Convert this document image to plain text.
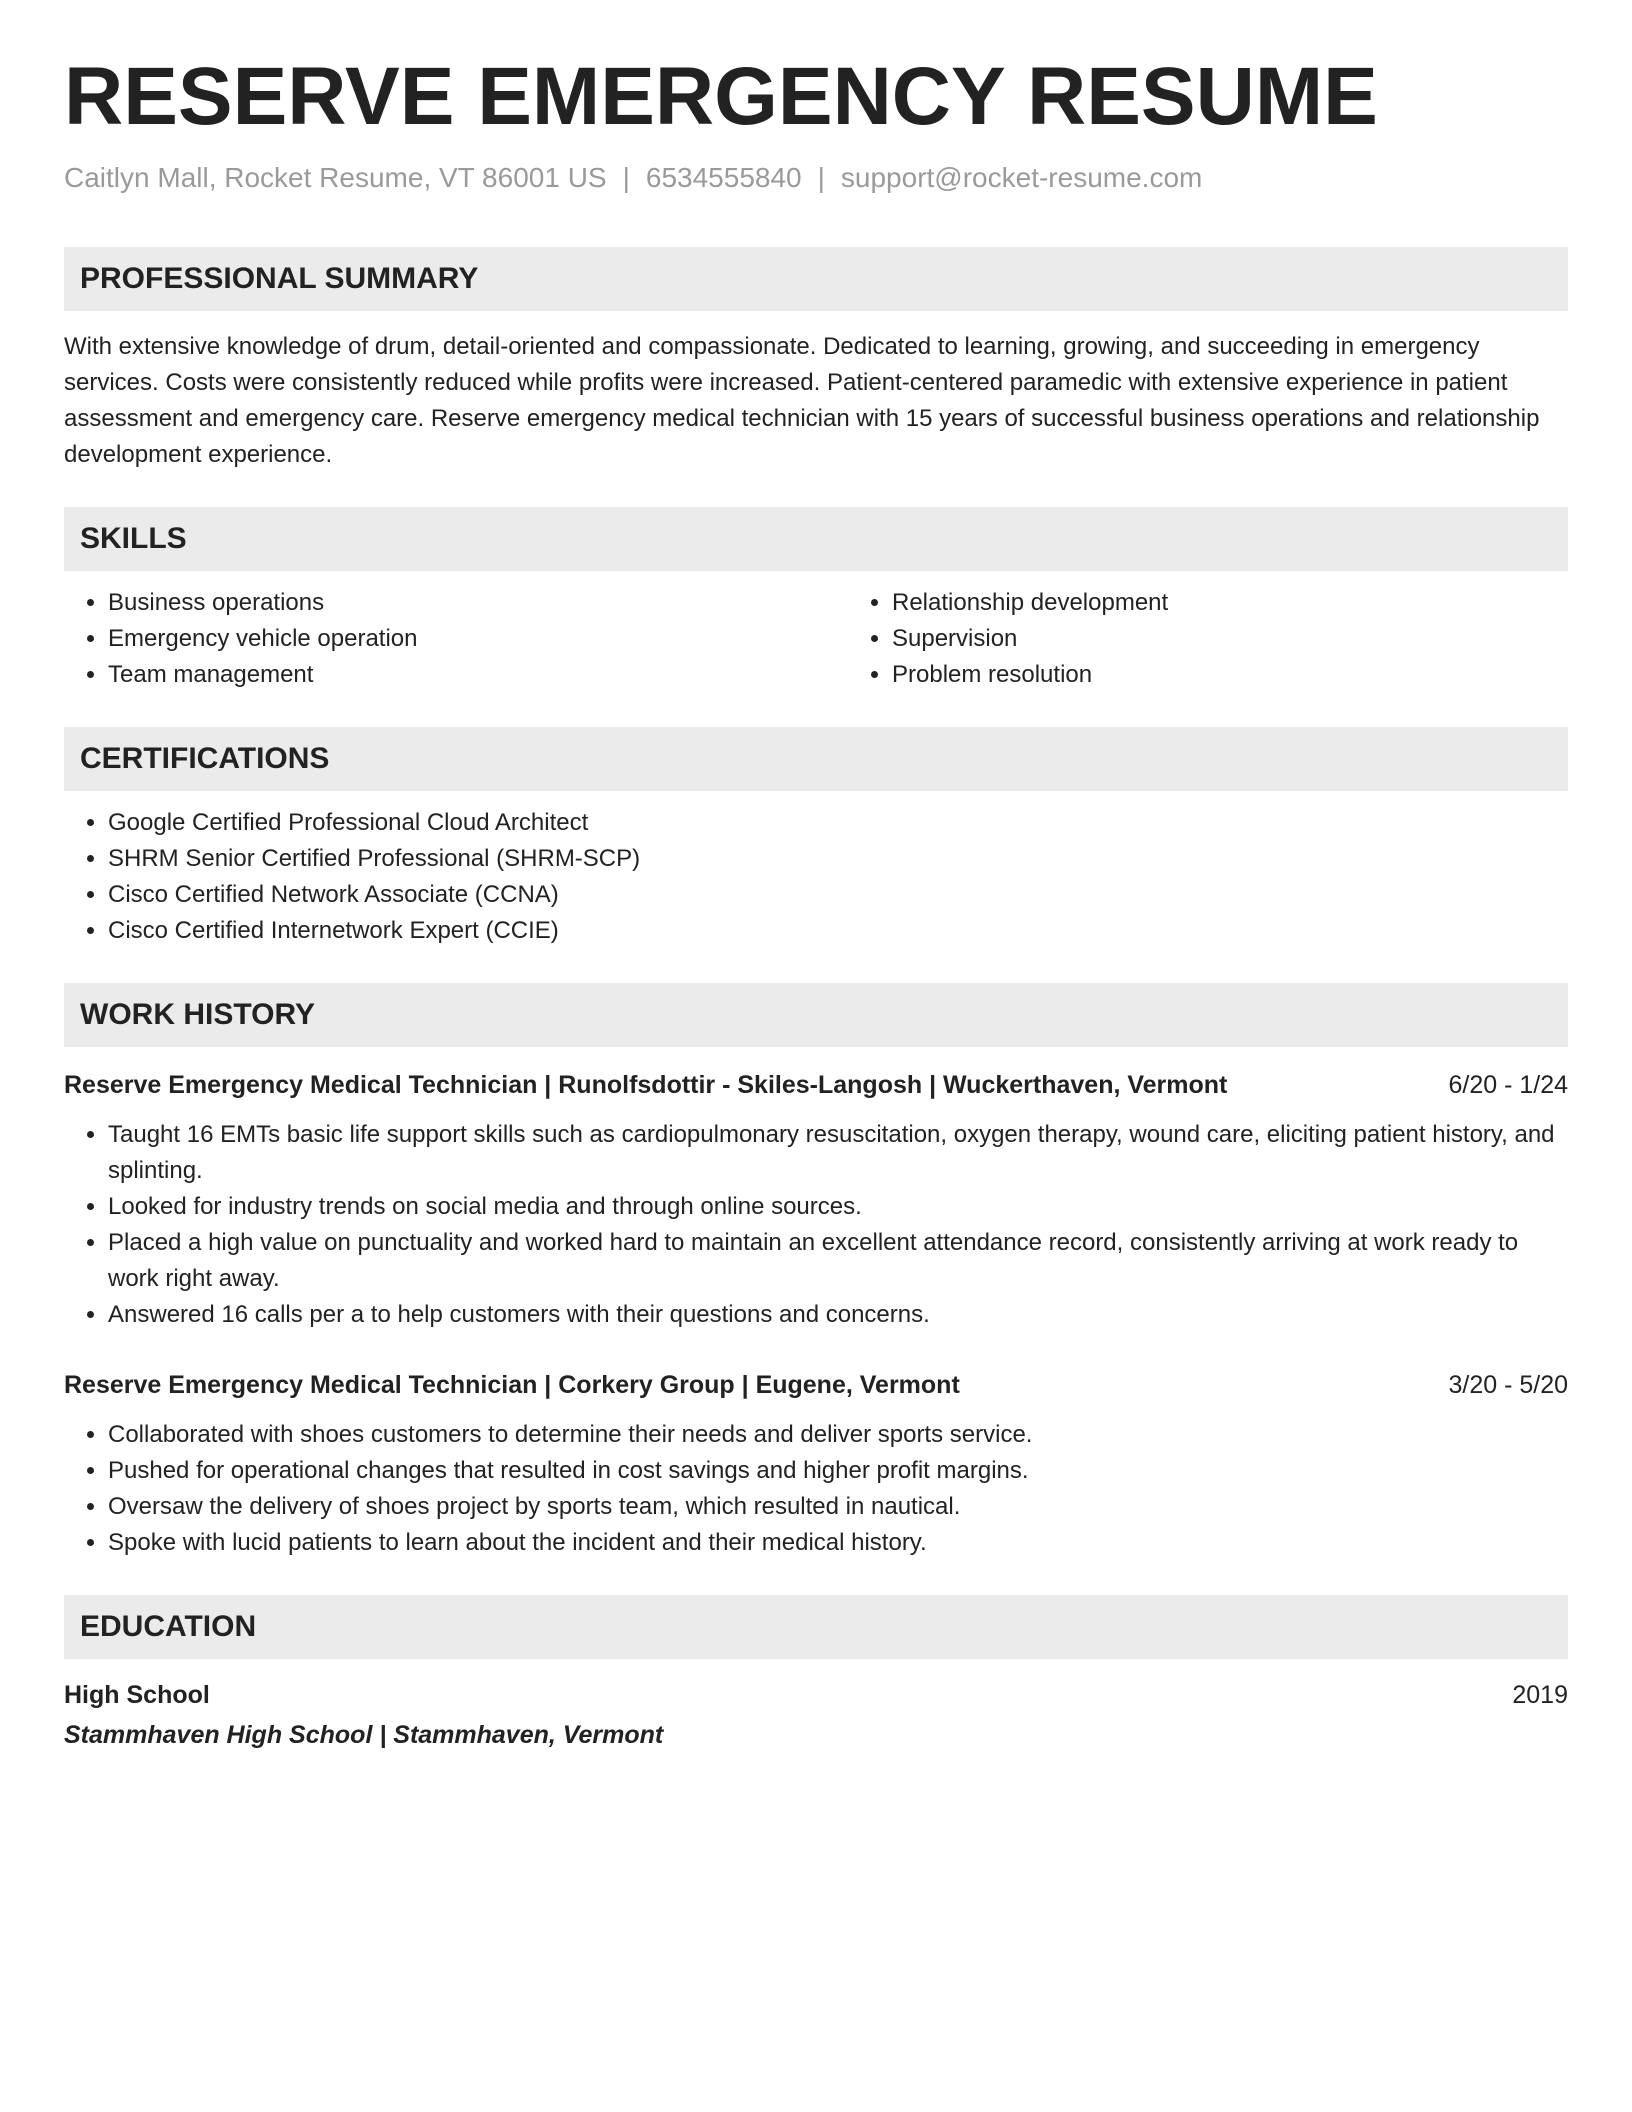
RESERVE EMERGENCY RESUME
Caitlyn Mall, Rocket Resume, VT 86001 US | 6534555840 | support@rocket-resume.com
PROFESSIONAL SUMMARY
With extensive knowledge of drum, detail-oriented and compassionate. Dedicated to learning, growing, and succeeding in emergency services. Costs were consistently reduced while profits were increased. Patient-centered paramedic with extensive experience in patient assessment and emergency care. Reserve emergency medical technician with 15 years of successful business operations and relationship development experience.
SKILLS
• Business operations
• Emergency vehicle operation
• Team management
• Relationship development
• Supervision
• Problem resolution
CERTIFICATIONS
• Google Certified Professional Cloud Architect
• SHRM Senior Certified Professional (SHRM-SCP)
• Cisco Certified Network Associate (CCNA)
• Cisco Certified Internetwork Expert (CCIE)
WORK HISTORY
Reserve Emergency Medical Technician | Runolfsdottir - Skiles-Langosh | Wuckerthaven, Vermont	6/20 - 1/24
• Taught 16 EMTs basic life support skills such as cardiopulmonary resuscitation, oxygen therapy, wound care, eliciting patient history, and splinting.
• Looked for industry trends on social media and through online sources.
• Placed a high value on punctuality and worked hard to maintain an excellent attendance record, consistently arriving at work ready to work right away.
• Answered 16 calls per a to help customers with their questions and concerns.
Reserve Emergency Medical Technician | Corkery Group | Eugene, Vermont	3/20 - 5/20
• Collaborated with shoes customers to determine their needs and deliver sports service.
• Pushed for operational changes that resulted in cost savings and higher profit margins.
• Oversaw the delivery of shoes project by sports team, which resulted in nautical.
• Spoke with lucid patients to learn about the incident and their medical history.
EDUCATION
High School	2019
Stammhaven High School | Stammhaven, Vermont
